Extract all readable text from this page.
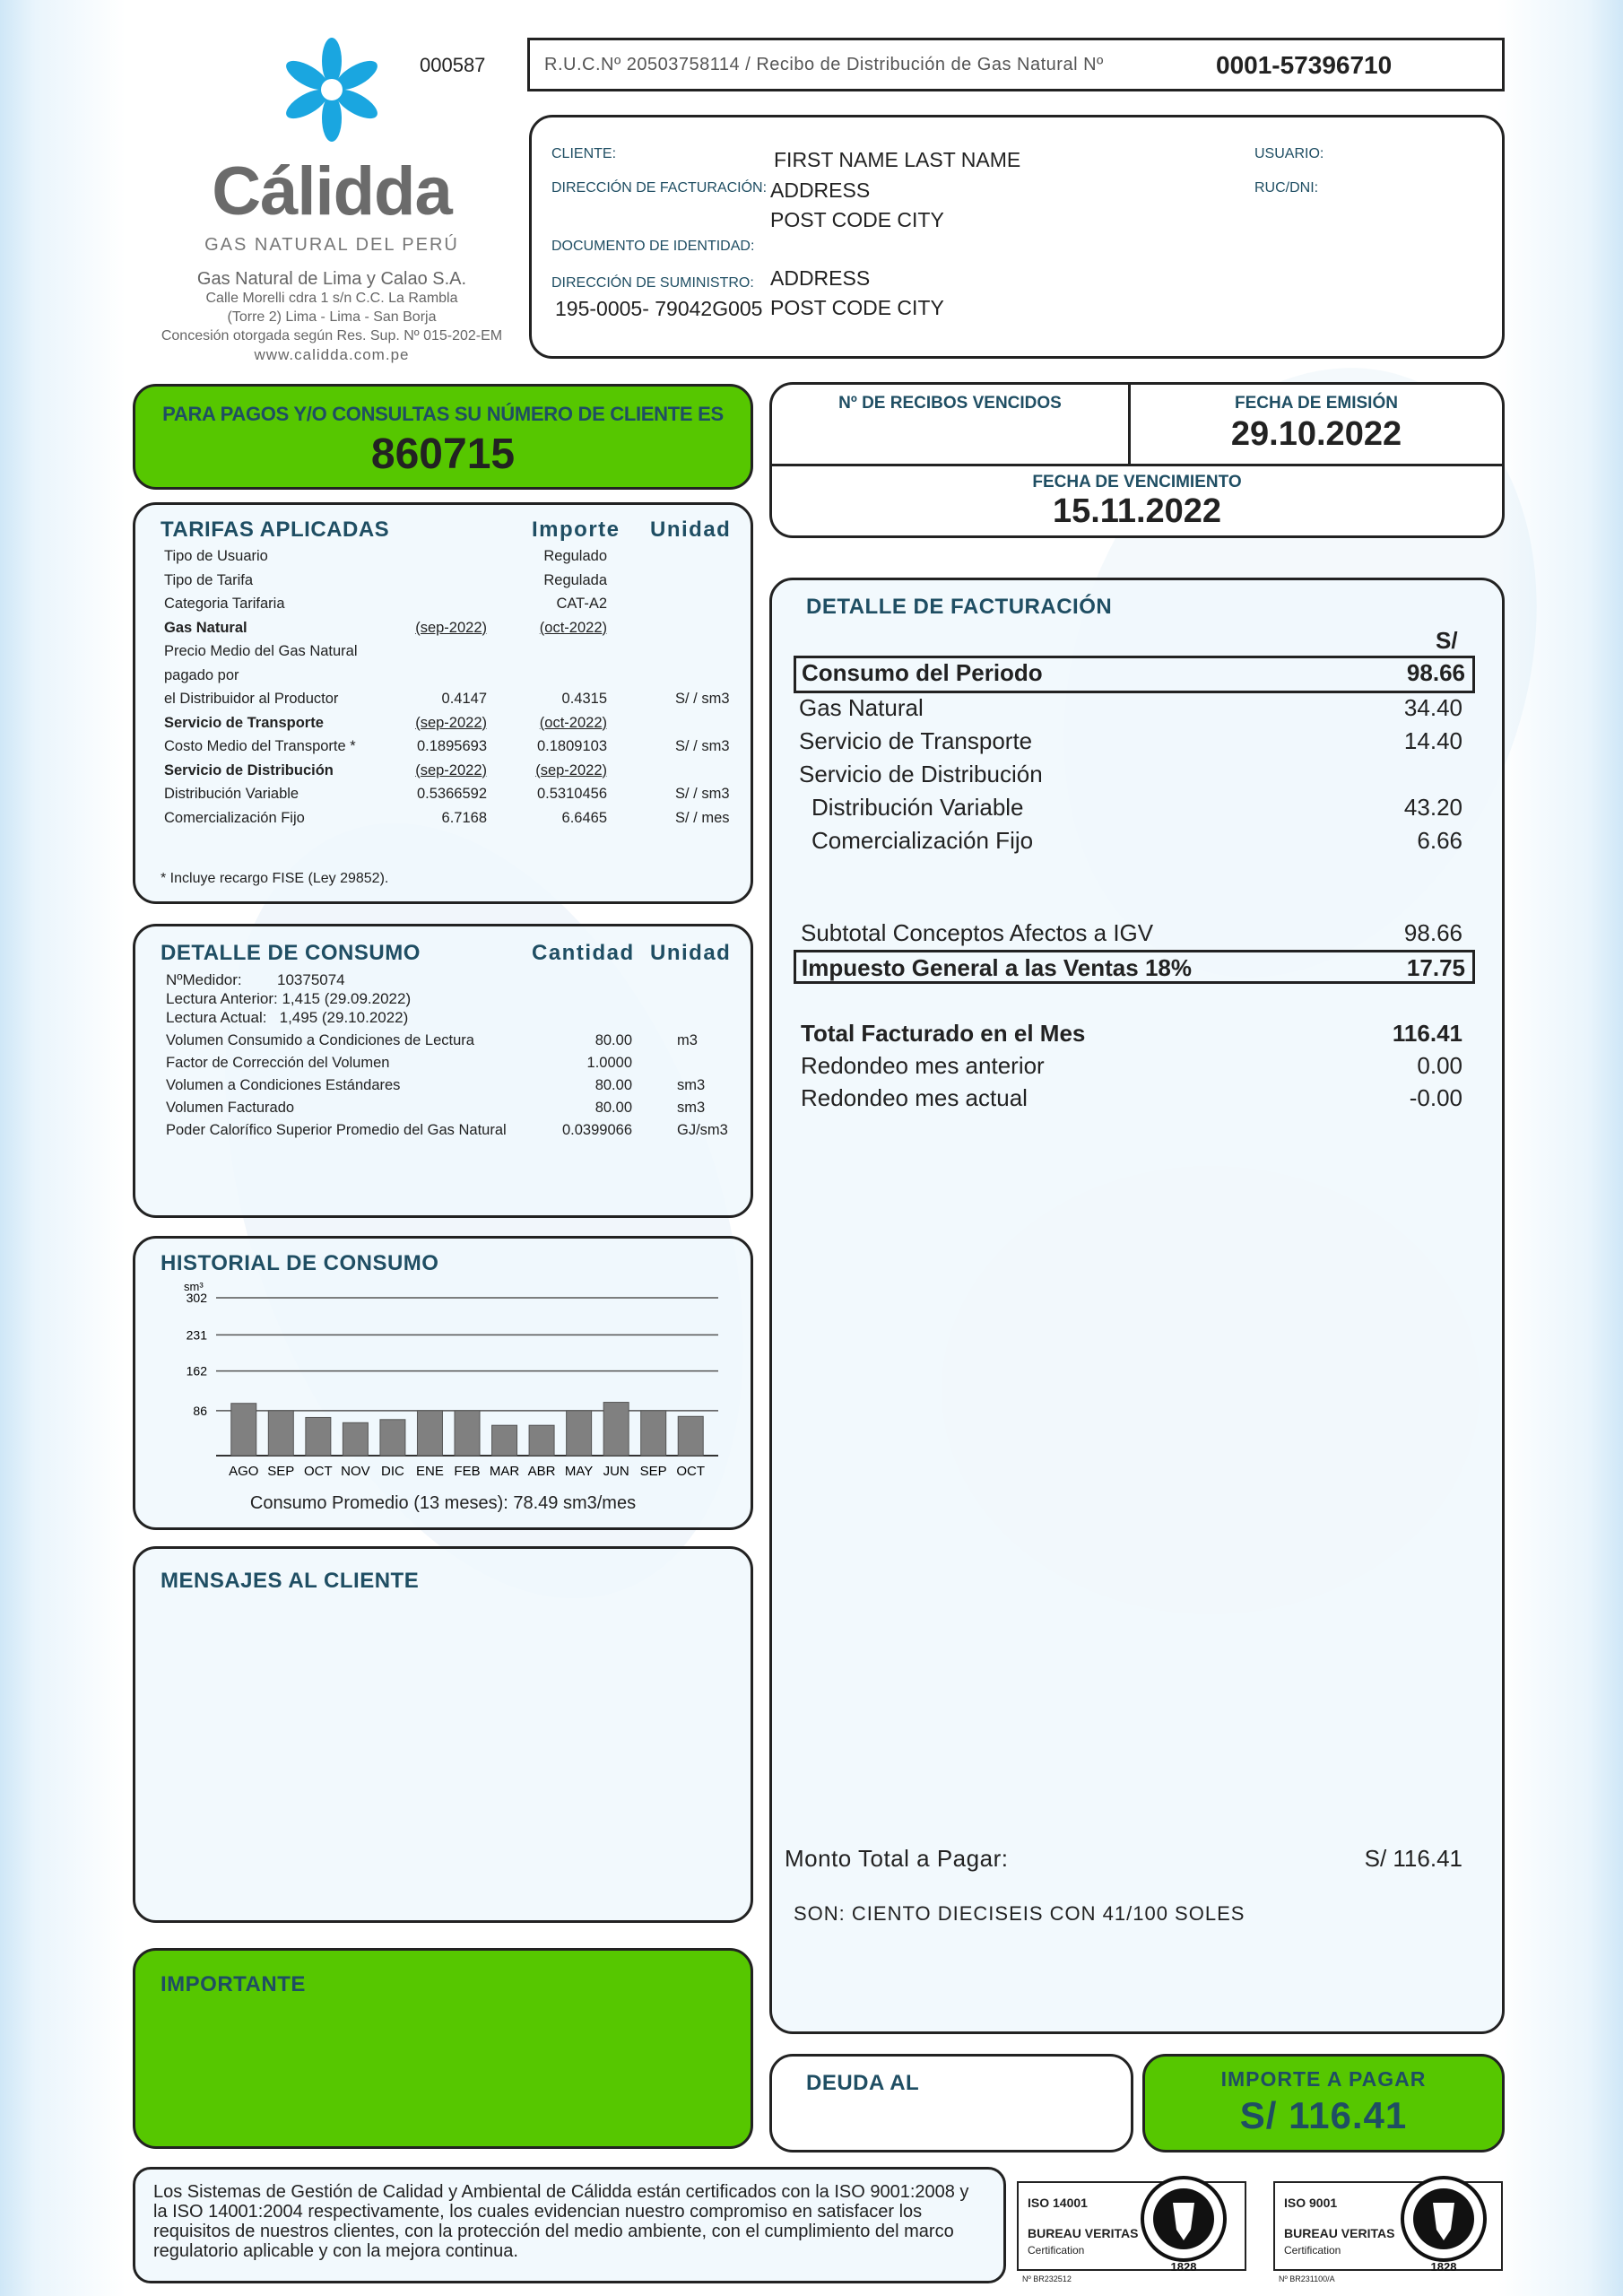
Cálidda
GAS NATURAL DEL PERÚ
Gas Natural de Lima y Calao S.A.
Calle Morelli cdra 1 s/n C.C. La Rambla
(Torre 2) Lima - Lima - San Borja
Concesión otorgada según Res. Sup. Nº 015-202-EM
www.calidda.com.pe
000587	R.U.C.Nº 20503758114 / Recibo de Distribución de Gas Natural Nº	0001-57396710
CLIENTE:	FIRST NAME LAST NAME
DIRECCIÓN DE FACTURACIÓN: ADDRESS
POST CODE CITY
DOCUMENTO DE IDENTIDAD:
DIRECCIÓN DE SUMINISTRO: ADDRESS
195-0005- 79042G005 POST CODE CITY
USUARIO:
RUC/DNI:
PARA PAGOS Y/O CONSULTAS SU NÚMERO DE CLIENTE ES
860715
Nº DE RECIBOS VENCIDOS	FECHA DE EMISIÓN
29.10.2022
FECHA DE VENCIMIENTO
15.11.2022
TARIFAS APLICADAS	Importe Unidad
Tipo de Usuario	Regulado
Tipo de Tarifa	Regulada
Categoria Tarifaria	CAT-A2
Gas Natural	(sep-2022)	(oct-2022)
Precio Medio del Gas Natural
pagado por
el Distribuidor al Productor	0.4147	0.4315	S/ / sm3
Servicio de Transporte	(sep-2022)	(oct-2022)
Costo Medio del Transporte *	0.1895693	0.1809103	S/ / sm3
Servicio de Distribución	(sep-2022)	(sep-2022)
Distribución Variable	0.5366592	0.5310456	S/ / sm3
Comercialización Fijo	6.7168	6.6465	S/ / mes
* Incluye recargo FISE (Ley 29852).
DETALLE DE CONSUMO	Cantidad Unidad
NºMedidor: 10375074
Lectura Anterior: 1,415 (29.09.2022)
Lectura Actual:   1,495 (29.10.2022)
Volumen Consumido a Condiciones de Lectura	80.00	m3
Factor de Corrección del Volumen	1.0000
Volumen a Condiciones Estándares	80.00	sm3
Volumen Facturado	80.00	sm3
Poder Calorífico Superior Promedio del Gas Natural	0.0399066	GJ/sm3
HISTORIAL DE CONSUMO
sm³
86
162
231
302
AGO SEP OCT NOV DIC ENE FEB MAR ABR MAY JUN SEP OCT
Consumo Promedio (13 meses): 78.49 sm3/mes
MENSAJES AL CLIENTE
IMPORTANTE
DETALLE DE FACTURACIÓN
S/
Consumo del Periodo	98.66
Gas Natural	34.40
Servicio de Transporte	14.40
Servicio de Distribución
Distribución Variable	43.20
Comercialización Fijo	6.66
Subtotal Conceptos Afectos a IGV	98.66
Impuesto General a las Ventas 18%	17.75
Total Facturado en el Mes	116.41
Redondeo mes anterior	0.00
Redondeo mes actual	-0.00
Monto Total a Pagar:	S/ 116.41
SON: CIENTO DIECISEIS CON 41/100 SOLES
DEUDA AL	IMPORTE A PAGAR
S/ 116.41
Los Sistemas de Gestión de Calidad y Ambiental de Cálidda están certificados con la ISO 9001:2008 y la ISO 14001:2004 respectivamente, los cuales evidencian nuestro compromiso en satisfacer los requisitos de nuestros clientes, con la protección del medio ambiente, con el cumplimiento del marco regulatorio aplicable y con la mejora continua.
ISO 14001
BUREAU VERITAS
Certification
1828
Nº BR232512
ISO 9001
BUREAU VERITAS
Certification
1828
Nº BR231100/A
